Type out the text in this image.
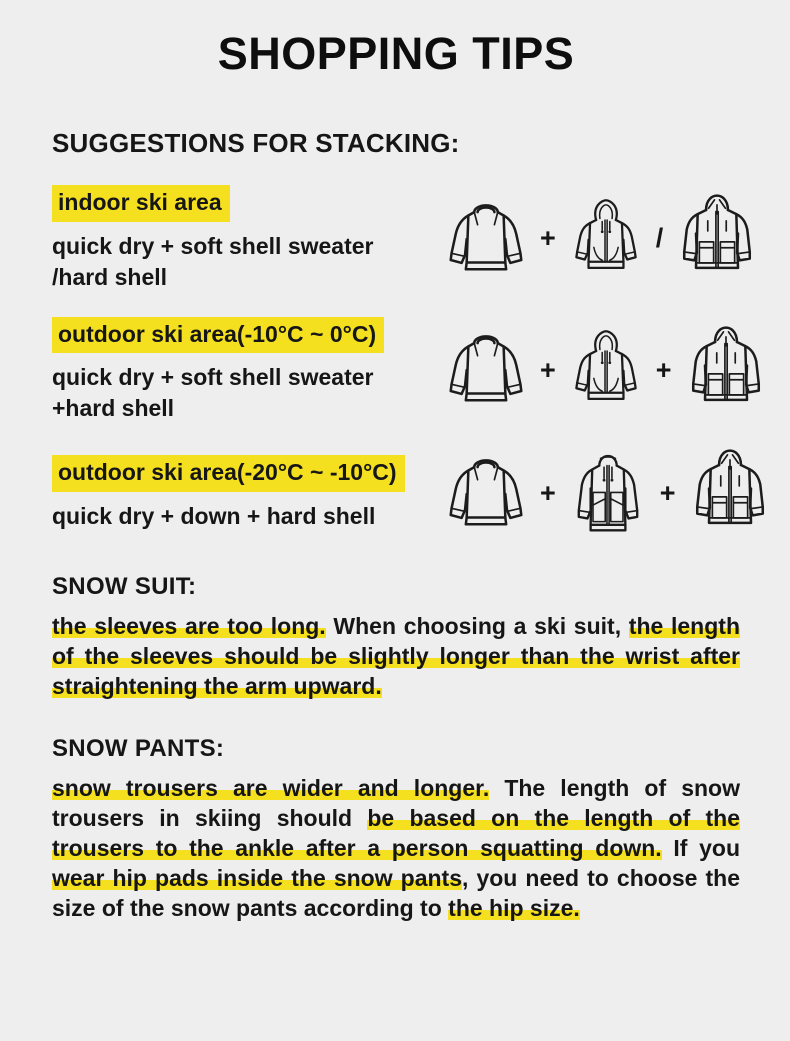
SHOPPING TIPS
SUGGESTIONS FOR STACKING:
indoor ski area
quick dry + soft shell sweater
/hard shell
+	/
outdoor ski area(-10°C ~ 0°C)
quick dry + soft shell sweater
+hard shell
+	+
outdoor ski area(-20°C ~ -10°C)
quick dry + down + hard shell
+	+
SNOW SUIT:

the sleeves are too long. When choosing a ski suit, the length of the sleeves should be slightly longer than the wrist after straightening the arm upward.

SNOW PANTS:

snow trousers are wider and longer. The length of snow trousers in skiing should be based on the length of the trousers to the ankle after a person squatting down. If you wear hip pads inside the snow pants, you need to choose the size of the snow pants according to the hip size.
